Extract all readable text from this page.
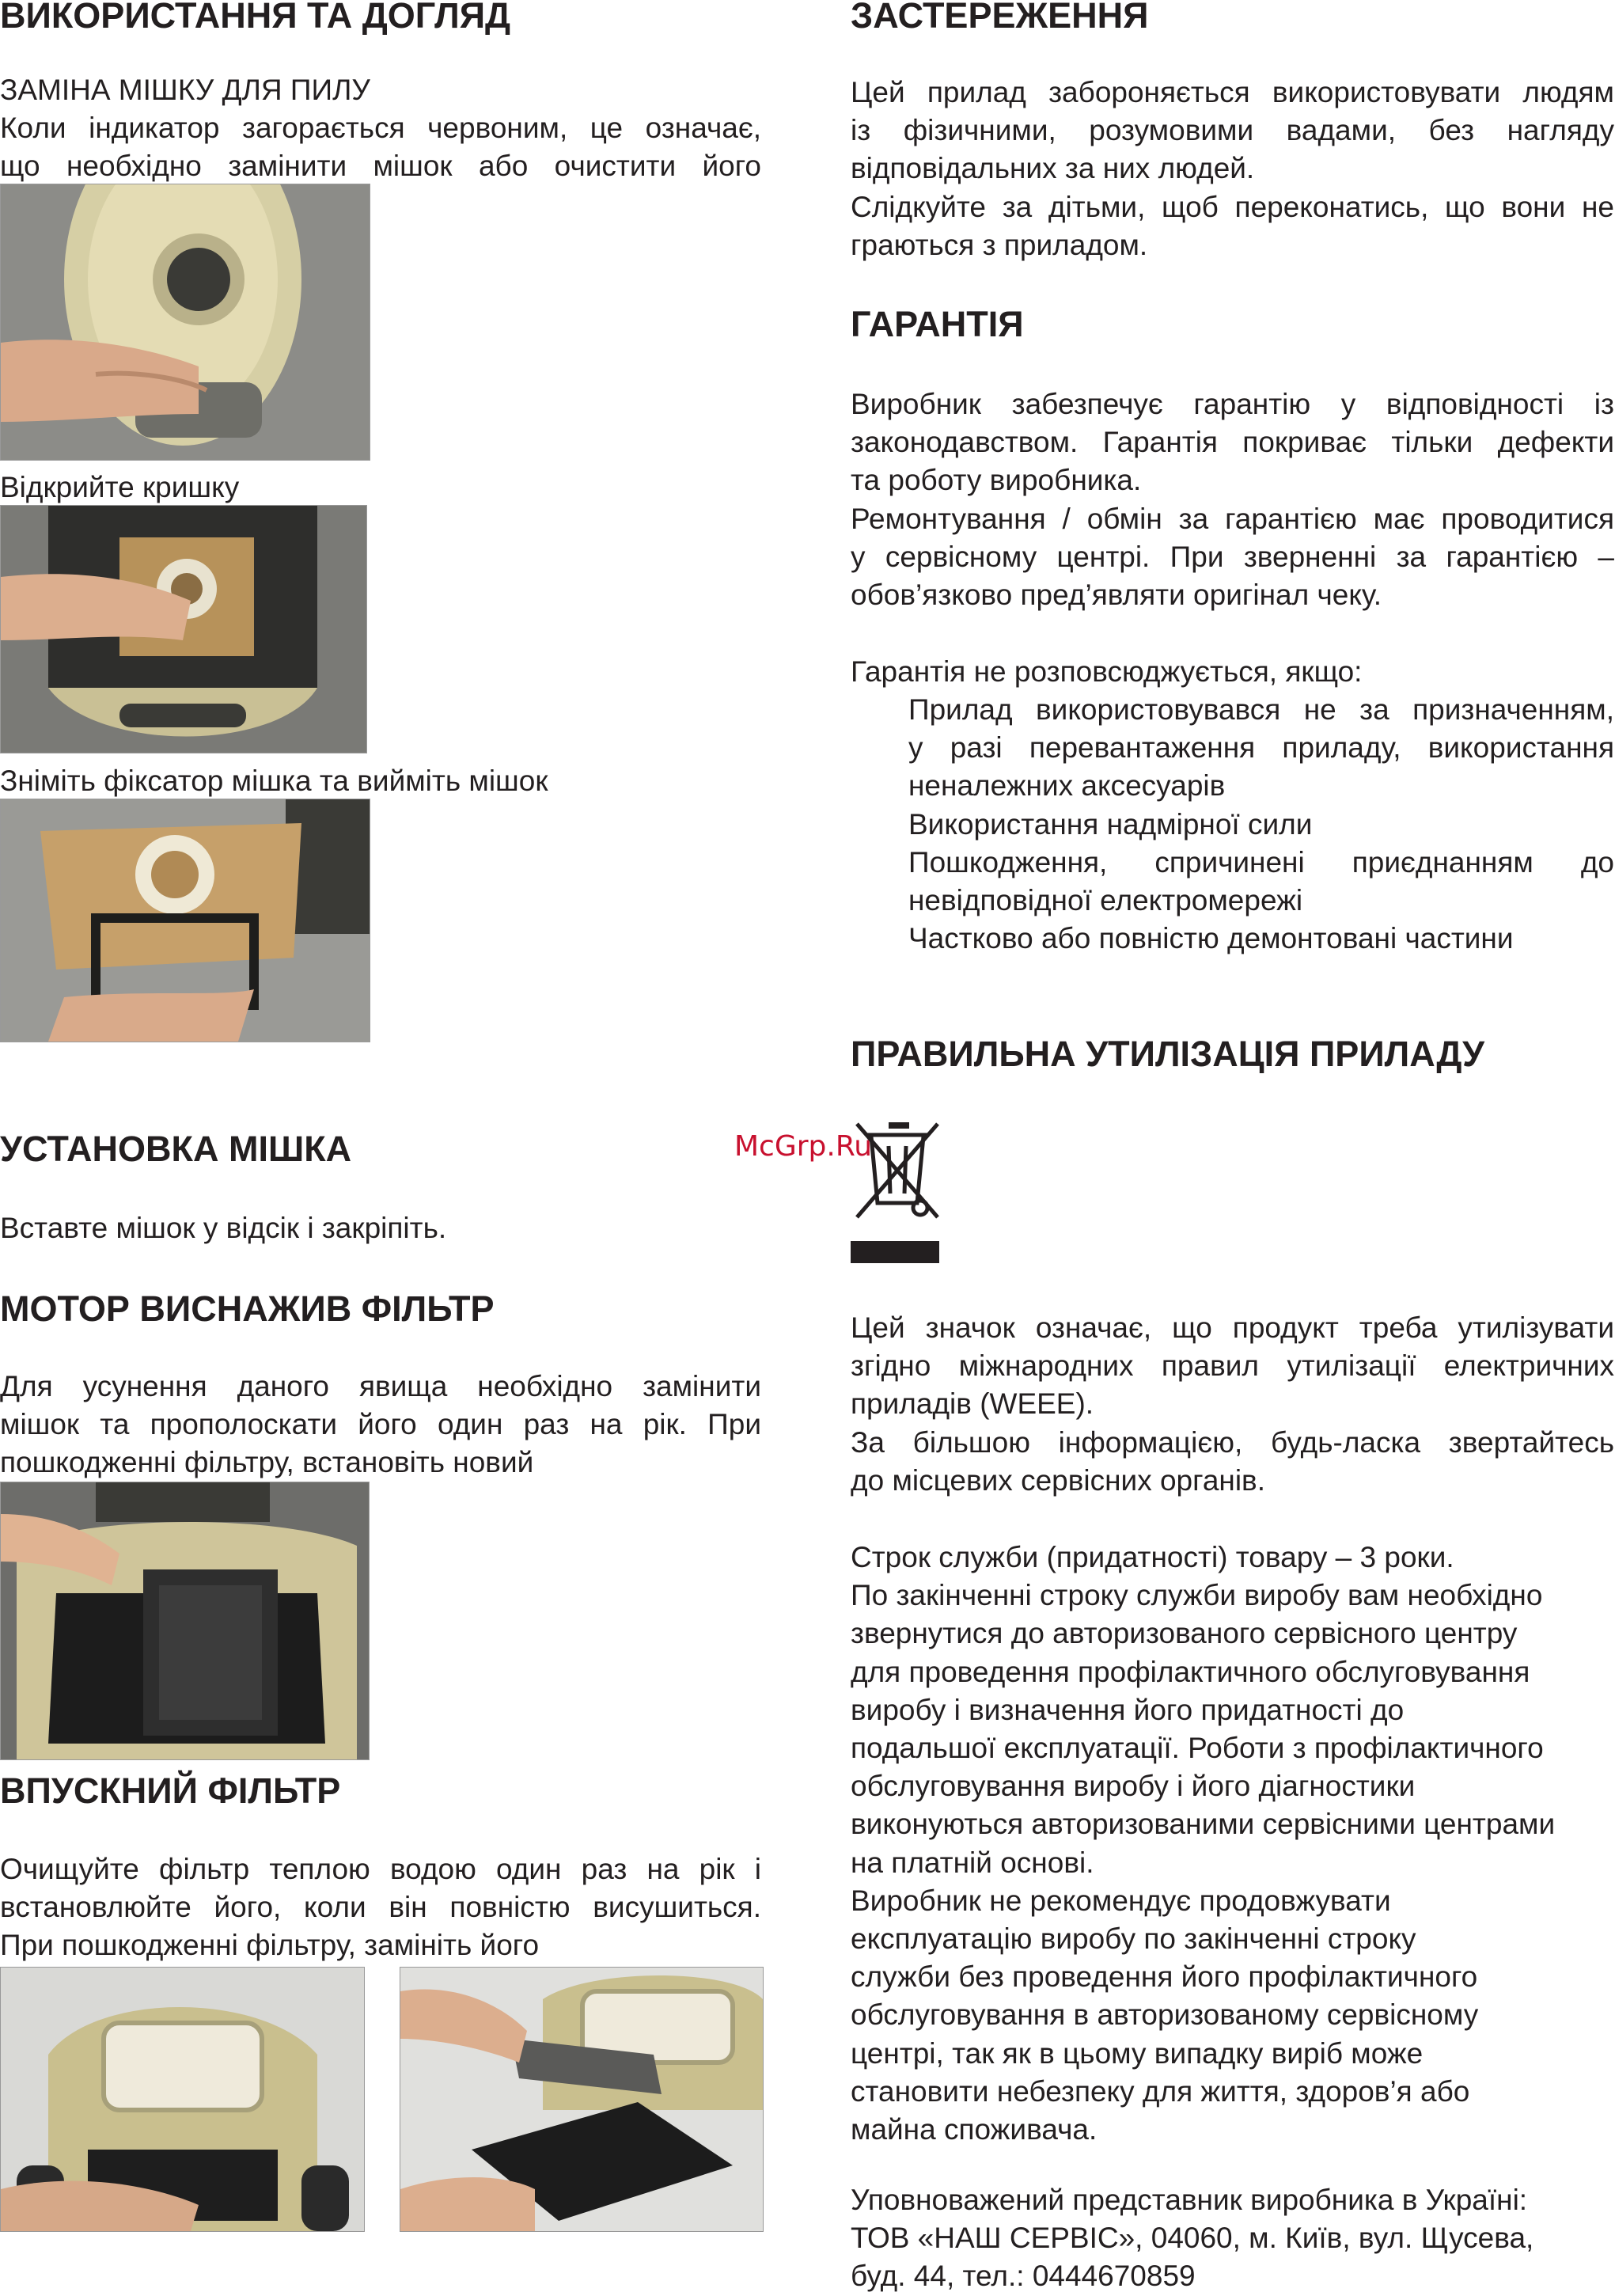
ВИКОРИСТАННЯ ТА ДОГЛЯД

ЗАМІНА МІШКУ ДЛЯ ПИЛУ

Коли індикатор загорається червоним, це означає,

що необхідно замінити мішок або очистити його

Відкрийте кришку

Зніміть фіксатор мішка та вийміть мішок

УСТАНОВКА МІШКА

Вставте мішок у відсік і закріпіть.

МОТОР ВИСНАЖИВ ФІЛЬТР

Для усунення даного явища необхідно замінити

мішок та прополоскати його один раз на рік. При

пошкодженні фільтру, встановіть новий

ВПУСКНИЙ ФІЛЬТР

Очищуйте фільтр теплою водою один раз на рік і

встановлюйте його, коли він повністю висушиться.

При пошкодженні фільтру, замініть його

ЗАСТЕРЕЖЕННЯ

Цей прилад забороняється використовувати людям

із фізичними, розумовими вадами, без нагляду

відповідальних за них людей.

Слідкуйте за дітьми, щоб переконатись, що вони не

граються з приладом.

ГАРАНТІЯ

Виробник забезпечує гарантію у відповідності із

законодавством. Гарантія покриває тільки дефекти

та роботу виробника.

Ремонтування / обмін за гарантією має проводитися

у сервісному центрі. При зверненні за гарантією –

обов’язково пред’являти оригінал чеку.

Гарантія не розповсюджується, якщо:

Прилад використовувався не за призначенням,
у разі перевантаження приладу, використання
неналежних аксесуарів
Використання надмірної сили
Пошкодження, спричинені приєднанням до
невідповідної електромережі
Частково або повністю демонтовані частини
ПРАВИЛЬНА УТИЛІЗАЦІЯ ПРИЛАДУ
McGrp.Ru

Цей значок означає, що продукт треба утилізувати

згідно міжнародних правил утилізації електричних

приладів (WEEE).

За більшою інформацією, будь-ласка звертайтесь

до місцевих сервісних органів.

Строк служби (придатності) товару – 3 роки.

По закінченні строку служби виробу вам необхідно

звернутися до авторизованого сервісного центру

для проведення профілактичного обслуговування

виробу і визначення його придатності до

подальшої експлуатації. Роботи з профілактичного

обслуговування виробу і його діагностики

виконуються авторизованими сервісними центрами

на платній основі.

Виробник не рекомендує продовжувати

експлуатацію виробу по закінченні строку

служби без проведення його профілактичного

обслуговування в авторизованому сервісному

центрі, так як в цьому випадку виріб може

становити небезпеку для життя, здоров’я або

майна споживача.

Уповноважений представник виробника в Україні:

ТОВ «НАШ СЕРВІС», 04060, м. Київ, вул. Щусева,

буд. 44, тел.: 0444670859
